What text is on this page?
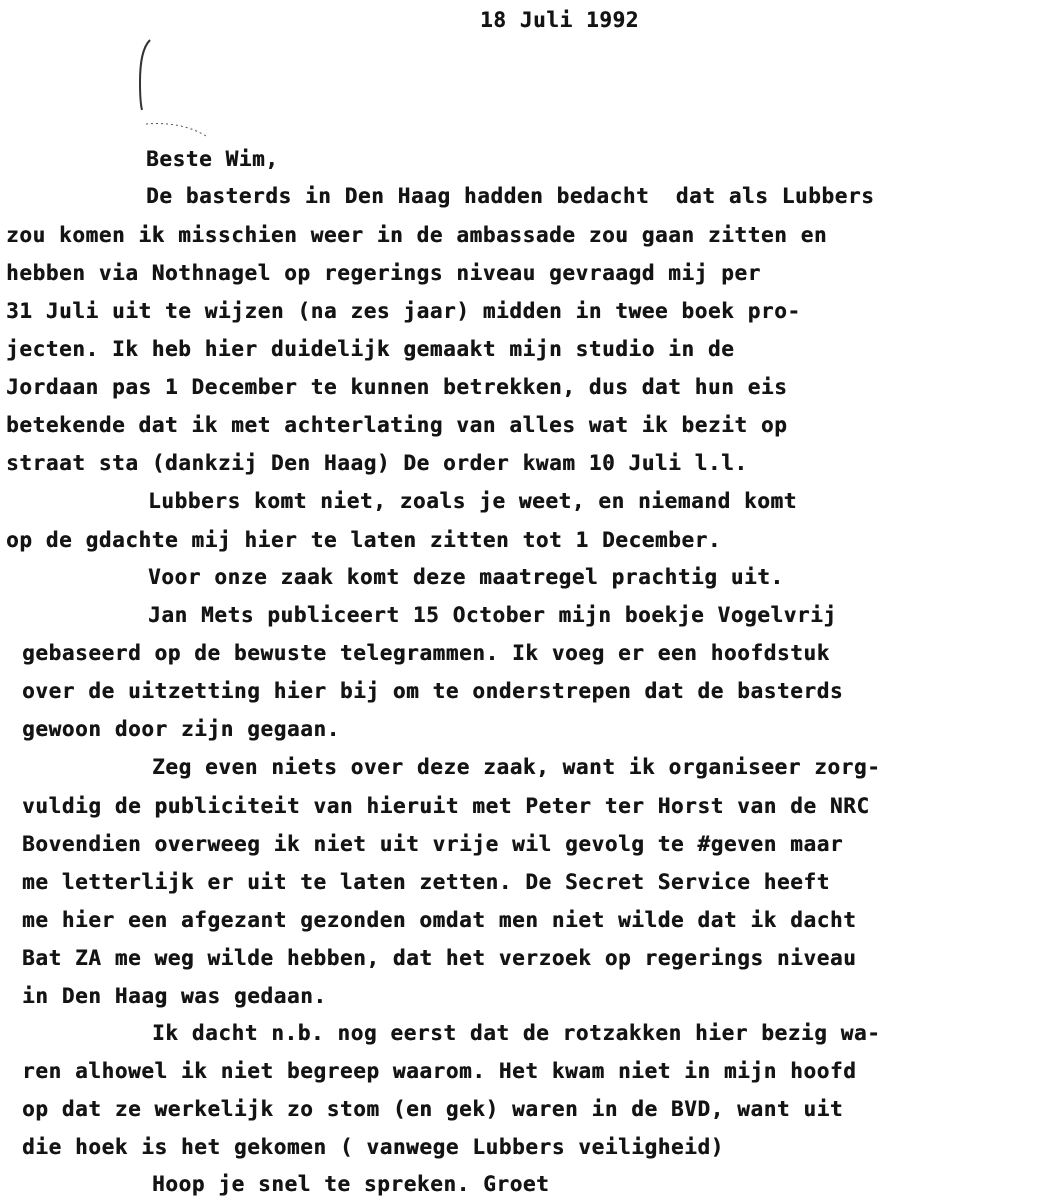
18 Juli 1992
Beste Wim,
De basterds in Den Haag hadden bedacht  dat als Lubbers
zou komen ik misschien weer in de ambassade zou gaan zitten en
hebben via Nothnagel op regerings niveau gevraagd mij per
31 Juli uit te wijzen (na zes jaar) midden in twee boek pro-
jecten. Ik heb hier duidelijk gemaakt mijn studio in de
Jordaan pas 1 December te kunnen betrekken, dus dat hun eis
betekende dat ik met achterlating van alles wat ik bezit op
straat sta (dankzij Den Haag) De order kwam 10 Juli l.l.
Lubbers komt niet, zoals je weet, en niemand komt
op de gdachte mij hier te laten zitten tot 1 December.
Voor onze zaak komt deze maatregel prachtig uit.
Jan Mets publiceert 15 October mijn boekje Vogelvrij
gebaseerd op de bewuste telegrammen. Ik voeg er een hoofdstuk
over de uitzetting hier bij om te onderstrepen dat de basterds
gewoon door zijn gegaan.
Zeg even niets over deze zaak, want ik organiseer zorg-
vuldig de publiciteit van hieruit met Peter ter Horst van de NRC
Bovendien overweeg ik niet uit vrije wil gevolg te #geven maar
me letterlijk er uit te laten zetten. De Secret Service heeft
me hier een afgezant gezonden omdat men niet wilde dat ik dacht
Bat ZA me weg wilde hebben, dat het verzoek op regerings niveau
in Den Haag was gedaan.
Ik dacht n.b. nog eerst dat de rotzakken hier bezig wa-
ren alhowel ik niet begreep waarom. Het kwam niet in mijn hoofd
op dat ze werkelijk zo stom (en gek) waren in de BVD, want uit
die hoek is het gekomen ( vanwege Lubbers veiligheid)
Hoop je snel te spreken. Groet
